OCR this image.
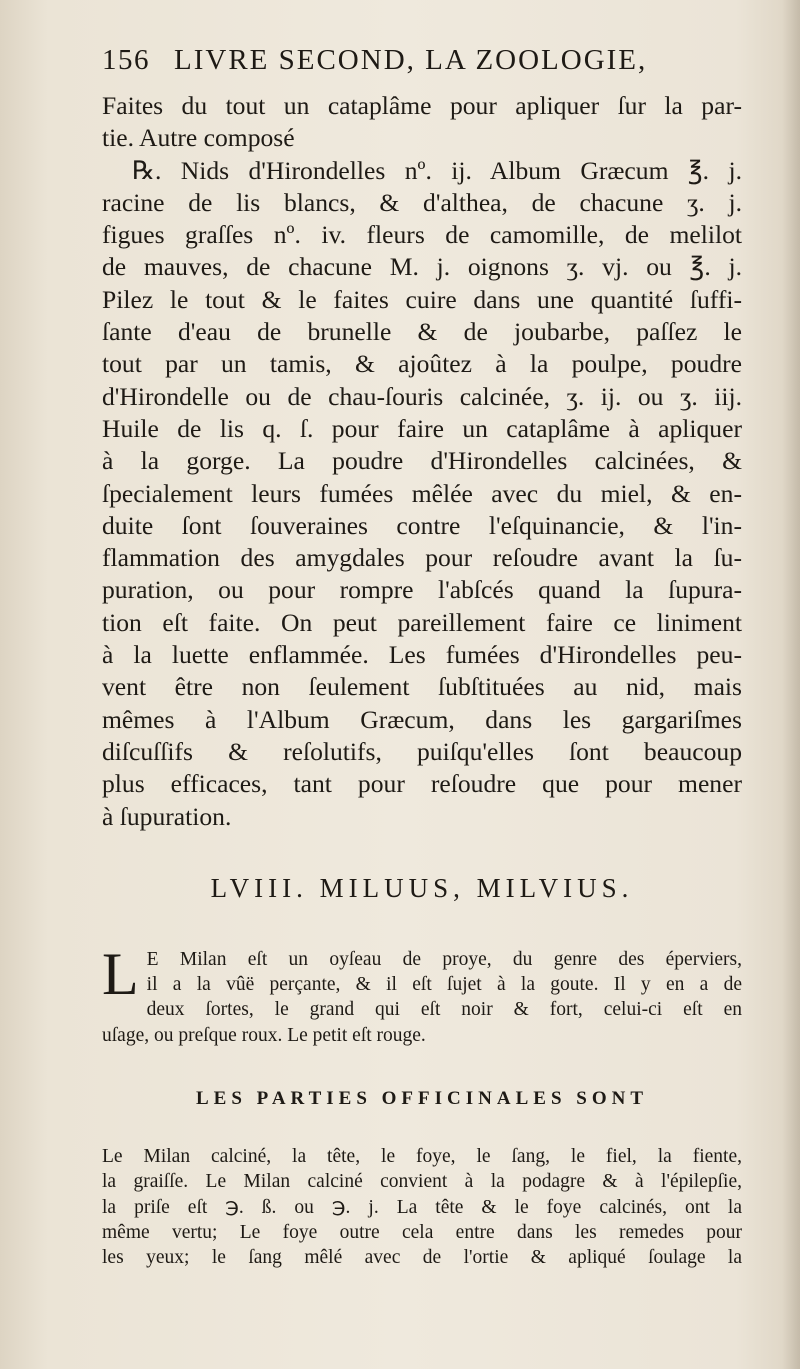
156 LIVRE SECOND, LA ZOOLOGIE,
Faites du tout un cataplâme pour apliquer ſur la par-
tie. Autre composé
℞. Nids d'Hirondelles nº. ij. Album Græcum ℥. j.
racine de lis blancs, & d'althea, de chacune ʒ. j.
figues graſſes nº. iv. fleurs de camomille, de melilot
de mauves, de chacune M. j. oignons ʒ. vj. ou ℥. j.
Pilez le tout & le faites cuire dans une quantité ſuffi-
ſante d'eau de brunelle & de joubarbe, paſſez le
tout par un tamis, & ajoûtez à la poulpe, poudre
d'Hirondelle ou de chau-ſouris calcinée, ʒ. ij. ou ʒ. iij.
Huile de lis q. ſ. pour faire un cataplâme à apliquer
à la gorge. La poudre d'Hirondelles calcinées, &
ſpecialement leurs fumées mêlée avec du miel, & en-
duite ſont ſouveraines contre l'eſquinancie, & l'in-
flammation des amygdales pour reſoudre avant la ſu-
puration, ou pour rompre l'abſcés quand la ſupura-
tion eſt faite. On peut pareillement faire ce liniment
à la luette enflammée. Les fumées d'Hirondelles peu-
vent être non ſeulement ſubſtituées au nid, mais
mêmes à l'Album Græcum, dans les gargariſmes
diſcuſſifs & reſolutifs, puiſqu'elles ſont beaucoup
plus efficaces, tant pour reſoudre que pour mener
à ſupuration.
LVIII. MILUUS, MILVIUS.
L E Milan eſt un oyſeau de proye, du genre des éperviers,
il a la vûë perçante, & il eſt ſujet à la goute. Il y en a de
deux ſortes, le grand qui eſt noir & fort, celui-ci eſt en
uſage, ou preſque roux. Le petit eſt rouge.
LES PARTIES OFFICINALES SONT
Le Milan calciné, la tête, le foye, le ſang, le fiel, la fiente,
la graiſſe. Le Milan calciné convient à la podagre & à l'épilepſie,
la priſe eſt ℈. ß. ou ℈. j. La tête & le foye calcinés, ont la
même vertu; Le foye outre cela entre dans les remedes pour
les yeux; le ſang mêlé avec de l'ortie & apliqué ſoulage la
